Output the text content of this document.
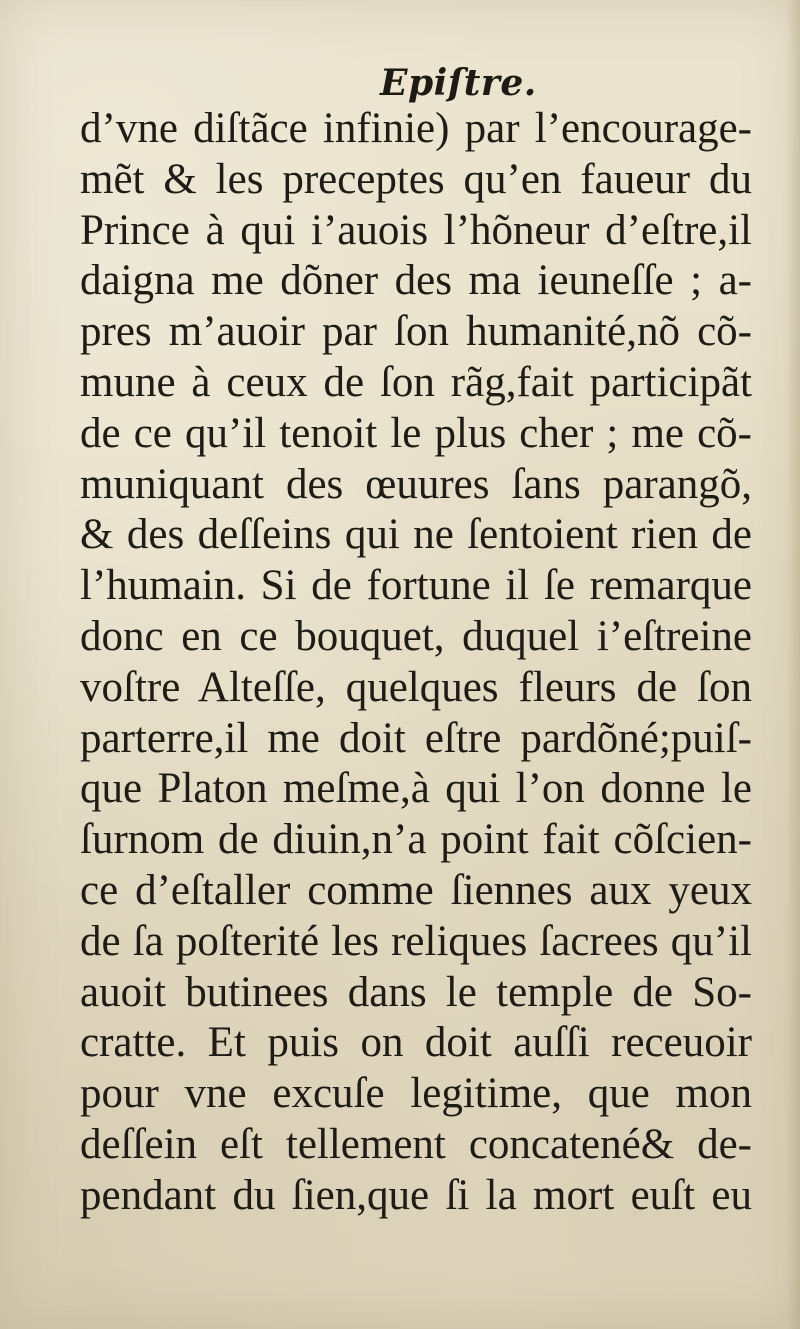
Epiſtre.
d’vne diſtãce infinie) par l’encourage-
mẽt & les preceptes qu’en faueur du
Prince à qui i’auois l’hõneur d’eſtre,il
daigna me dõner des ma ieuneſſe ; a-
pres m’auoir par ſon humanité,nõ cõ-
mune à ceux de ſon rãg,fait participãt
de ce qu’il tenoit le plus cher ; me cõ-
muniquant des œuures ſans parangõ,
& des deſſeins qui ne ſentoient rien de
l’humain. Si de fortune il ſe remarque
donc en ce bouquet, duquel i’eſtreine
voſtre Alteſſe, quelques fleurs de ſon
parterre,il me doit eſtre pardõné;puiſ-
que Platon meſme,à qui l’on donne le
ſurnom de diuin,n’a point fait cõſcien-
ce d’eſtaller comme ſiennes aux yeux
de ſa poſterité les reliques ſacrees qu’il
auoit butinees dans le temple de So-
cratte. Et puis on doit auſſi receuoir
pour vne excuſe legitime, que mon
deſſein eſt tellement concatené& de-
pendant du ſien,que ſi la mort euſt eu
